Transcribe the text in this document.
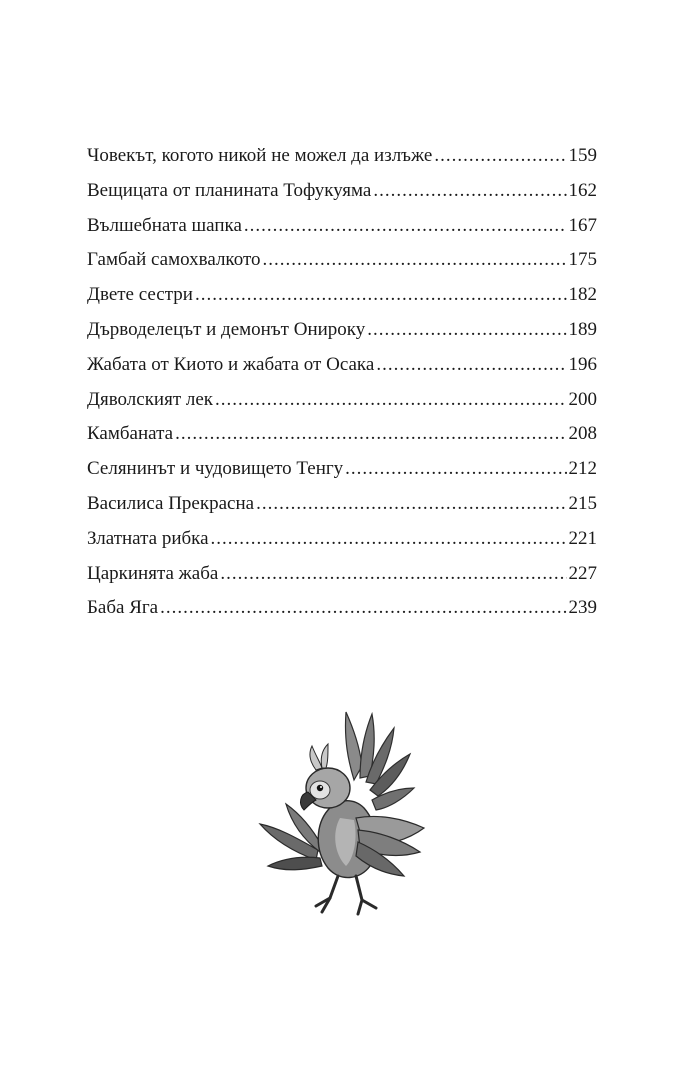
Човекът, когото никой не можел да излъже .....	159
Вещицата от планината Тофукуяма .....	162
Вълшебната шапка .....	167
Гамбай самохвалкото .....	175
Двете сестри .....	182
Дърводелецът и демонът Онироку .....	189
Жабата от Киото и жабата от Осака .....	196
Дяволският лек .....	200
Камбаната .....	208
Селянинът и чудовището Тенгу .....	212
Василиса Прекрасна .....	215
Златната рибка .....	221
Царкинята жаба .....	227
Баба Яга .....	239
